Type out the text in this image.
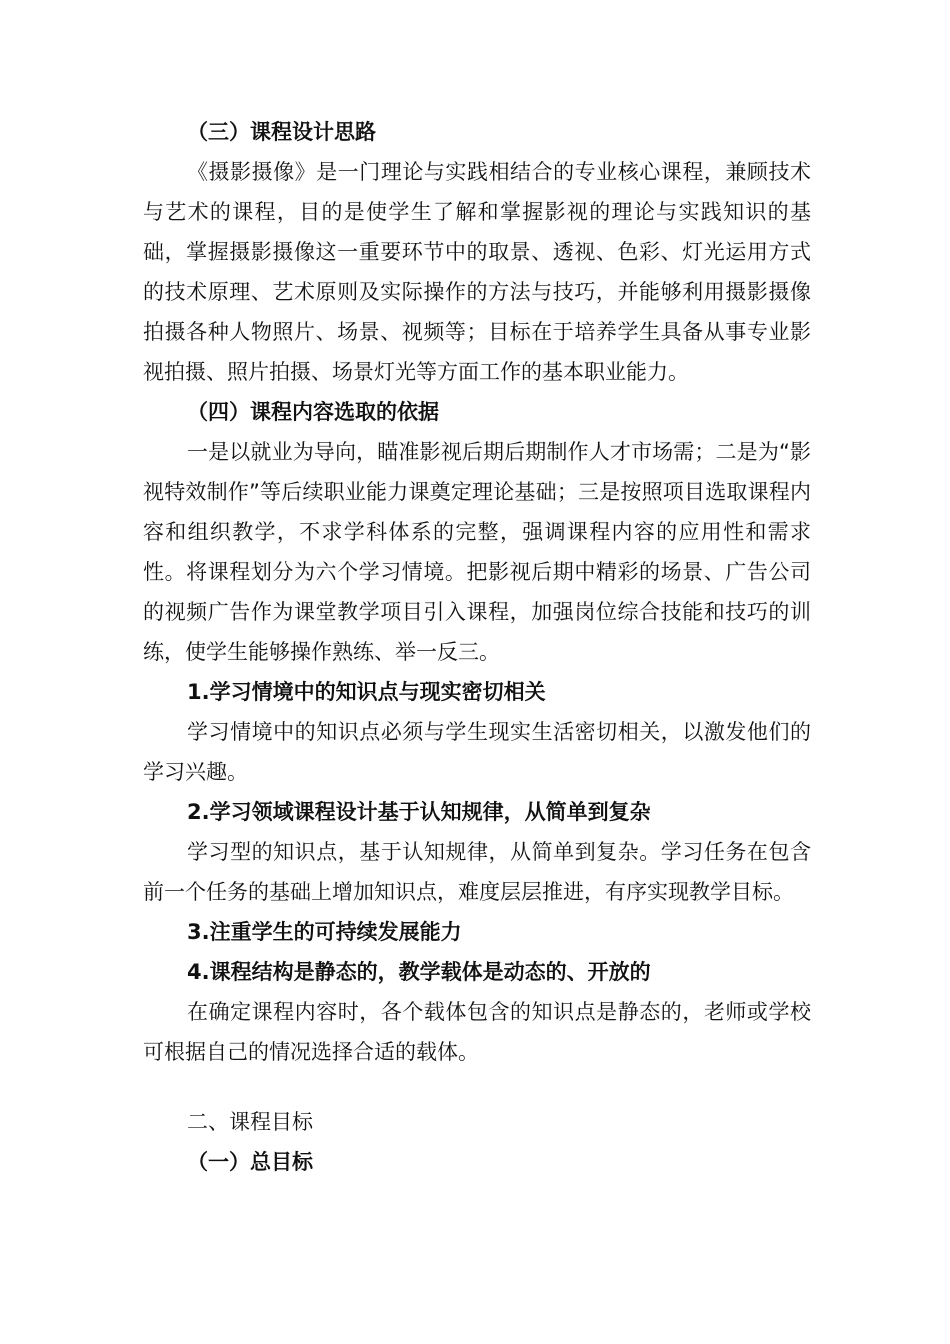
（三）课程设计思路
《摄影摄像》是一门理论与实践相结合的专业核心课程，兼顾技术与艺术的课程，目的是使学生了解和掌握影视的理论与实践知识的基础，掌握摄影摄像这一重要环节中的取景、透视、色彩、灯光运用方式的技术原理、艺术原则及实际操作的方法与技巧，并能够利用摄影摄像拍摄各种人物照片、场景、视频等；目标在于培养学生具备从事专业影视拍摄、照片拍摄、场景灯光等方面工作的基本职业能力。
（四）课程内容选取的依据
一是以就业为导向，瞄准影视后期后期制作人才市场需；二是为“影视特效制作”等后续职业能力课奠定理论基础；三是按照项目选取课程内容和组织教学，不求学科体系的完整，强调课程内容的应用性和需求性。将课程划分为六个学习情境。把影视后期中精彩的场景、广告公司的视频广告作为课堂教学项目引入课程，加强岗位综合技能和技巧的训练，使学生能够操作熟练、举一反三。
1.学习情境中的知识点与现实密切相关
学习情境中的知识点必须与学生现实生活密切相关，以激发他们的学习兴趣。
2.学习领域课程设计基于认知规律，从简单到复杂
学习型的知识点，基于认知规律，从简单到复杂。学习任务在包含前一个任务的基础上增加知识点，难度层层推进，有序实现教学目标。
3.注重学生的可持续发展能力
4.课程结构是静态的，教学载体是动态的、开放的
在确定课程内容时，各个载体包含的知识点是静态的，老师或学校可根据自己的情况选择合适的载体。
二、课程目标
（一）总目标
